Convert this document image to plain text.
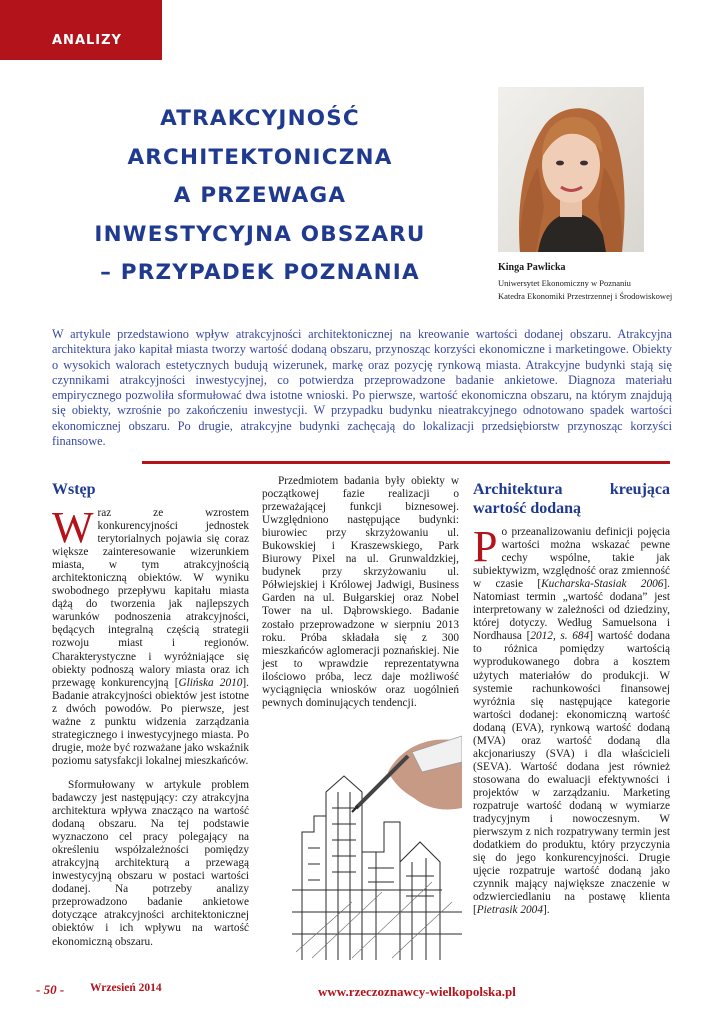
ANALIZY
ATRAKCYJNOŚĆ
ARCHITEKTONICZNA
A PRZEWAGA
INWESTYCYJNA OBSZARU
– PRZYPADEK POZNANIA	Kinga Pawlicka
Uniwersytet Ekonomiczny w Poznaniu
Katedra Ekonomiki Przestrzennej i Środowiskowej

W artykule przedstawiono wpływ atrakcyjności architektonicznej na kreowanie wartości dodanej obszaru. Atrakcyjna architektura jako kapitał miasta tworzy wartość dodaną obszaru, przynosząc korzyści ekonomiczne i marketingowe. Obiekty o wysokich walorach estetycznych budują wizerunek, markę oraz pozycję rynkową miasta. Atrakcyjne budynki stają się czynnikami atrakcyjności inwestycyjnej, co potwierdza przeprowadzone badanie ankietowe. Diagnoza materiału empirycznego pozwoliła sformułować dwa istotne wnioski. Po pierwsze, wartość ekonomiczna obszaru, na którym znajdują się obiekty, wzrośnie po zakończeniu inwestycji. W przypadku budynku nieatrakcyjnego odnotowano spadek wartości ekonomicznej obszaru. Po drugie, atrakcyjne budynki zachęcają do lokalizacji przedsiębiorstw przynosząc korzyści finansowe.

Wstęp

Wraz ze wzrostem konkurencyjności jednostek terytorialnych pojawia się coraz większe zainteresowanie wizerunkiem miasta, w tym atrakcyjnością architektoniczną obiektów. W wyniku swobodnego przepływu kapitału miasta dążą do tworzenia jak najlepszych warunków podnoszenia atrakcyjności, będących integralną częścią strategii rozwoju miast i regionów. Charakterystyczne i wyróżniające się obiekty podnoszą walory miasta oraz ich przewagę konkurencyjną [Glińska 2010]. Badanie atrakcyjności obiektów jest istotne z dwóch powodów. Po pierwsze, jest ważne z punktu widzenia zarządzania strategicznego i inwestycyjnego miasta. Po drugie, może być rozważane jako wskaźnik poziomu satysfakcji lokalnej mieszkańców.

Sformułowany w artykule problem badawczy jest następujący: czy atrakcyjna architektura wpływa znacząco na wartość dodaną obszaru. Na tej podstawie wyznaczono cel pracy polegający na określeniu współzależności pomiędzy atrakcyjną architekturą a przewagą inwestycyjną obszaru w postaci wartości dodanej. Na potrzeby analizy przeprowadzono badanie ankietowe dotyczące atrakcyjności architektonicznej obiektów i ich wpływu na wartość ekonomiczną obszaru.

Przedmiotem badania były obiekty w początkowej fazie realizacji o przeważającej funkcji biznesowej. Uwzględniono następujące budynki: biurowiec przy skrzyżowaniu ul. Bukowskiej i Kraszewskiego, Park Biurowy Pixel na ul. Grunwaldzkiej, budynek przy skrzyżowaniu ul. Półwiejskiej i Królowej Jadwigi, Business Garden na ul. Bułgarskiej oraz Nobel Tower na ul. Dąbrowskiego. Badanie zostało przeprowadzone w sierpniu 2013 roku. Próba składała się z 300 mieszkańców aglomeracji poznańskiej. Nie jest to wprawdzie reprezentatywna ilościowo próba, lecz daje możliwość wyciągnięcia wniosków oraz uogólnień pewnych dominujących tendencji.

Architektura kreująca wartość dodaną

Po przeanalizowaniu definicji pojęcia wartości można wskazać pewne cechy wspólne, takie jak subiektywizm, względność oraz zmienność w czasie [Kucharska-Stasiak 2006]. Natomiast termin „wartość dodana” jest interpretowany w zależności od dziedziny, której dotyczy. Według Samuelsona i Nordhausa [2012, s. 684] wartość dodana to różnica pomiędzy wartością wyprodukowanego dobra a kosztem użytych materiałów do produkcji. W systemie rachunkowości finansowej wyróżnia się następujące kategorie wartości dodanej: ekonomiczną wartość dodaną (EVA), rynkową wartość dodaną (MVA) oraz wartość dodaną dla akcjonariuszy (SVA) i dla właścicieli (SEVA). Wartość dodana jest również stosowana do ewaluacji efektywności i projektów w zarządzaniu. Marketing rozpatruje wartość dodaną w wymiarze tradycyjnym i nowoczesnym. W pierwszym z nich rozpatrywany termin jest dodatkiem do produktu, który przyczynia się do jego konkurencyjności. Drugie ujęcie rozpatruje wartość dodaną jako czynnik mający największe znaczenie w odzwierciedlaniu na postawę klienta [Pietrasik 2004].

- 50 - Wrzesień 2014	www.rzeczoznawcy-wielkopolska.pl
